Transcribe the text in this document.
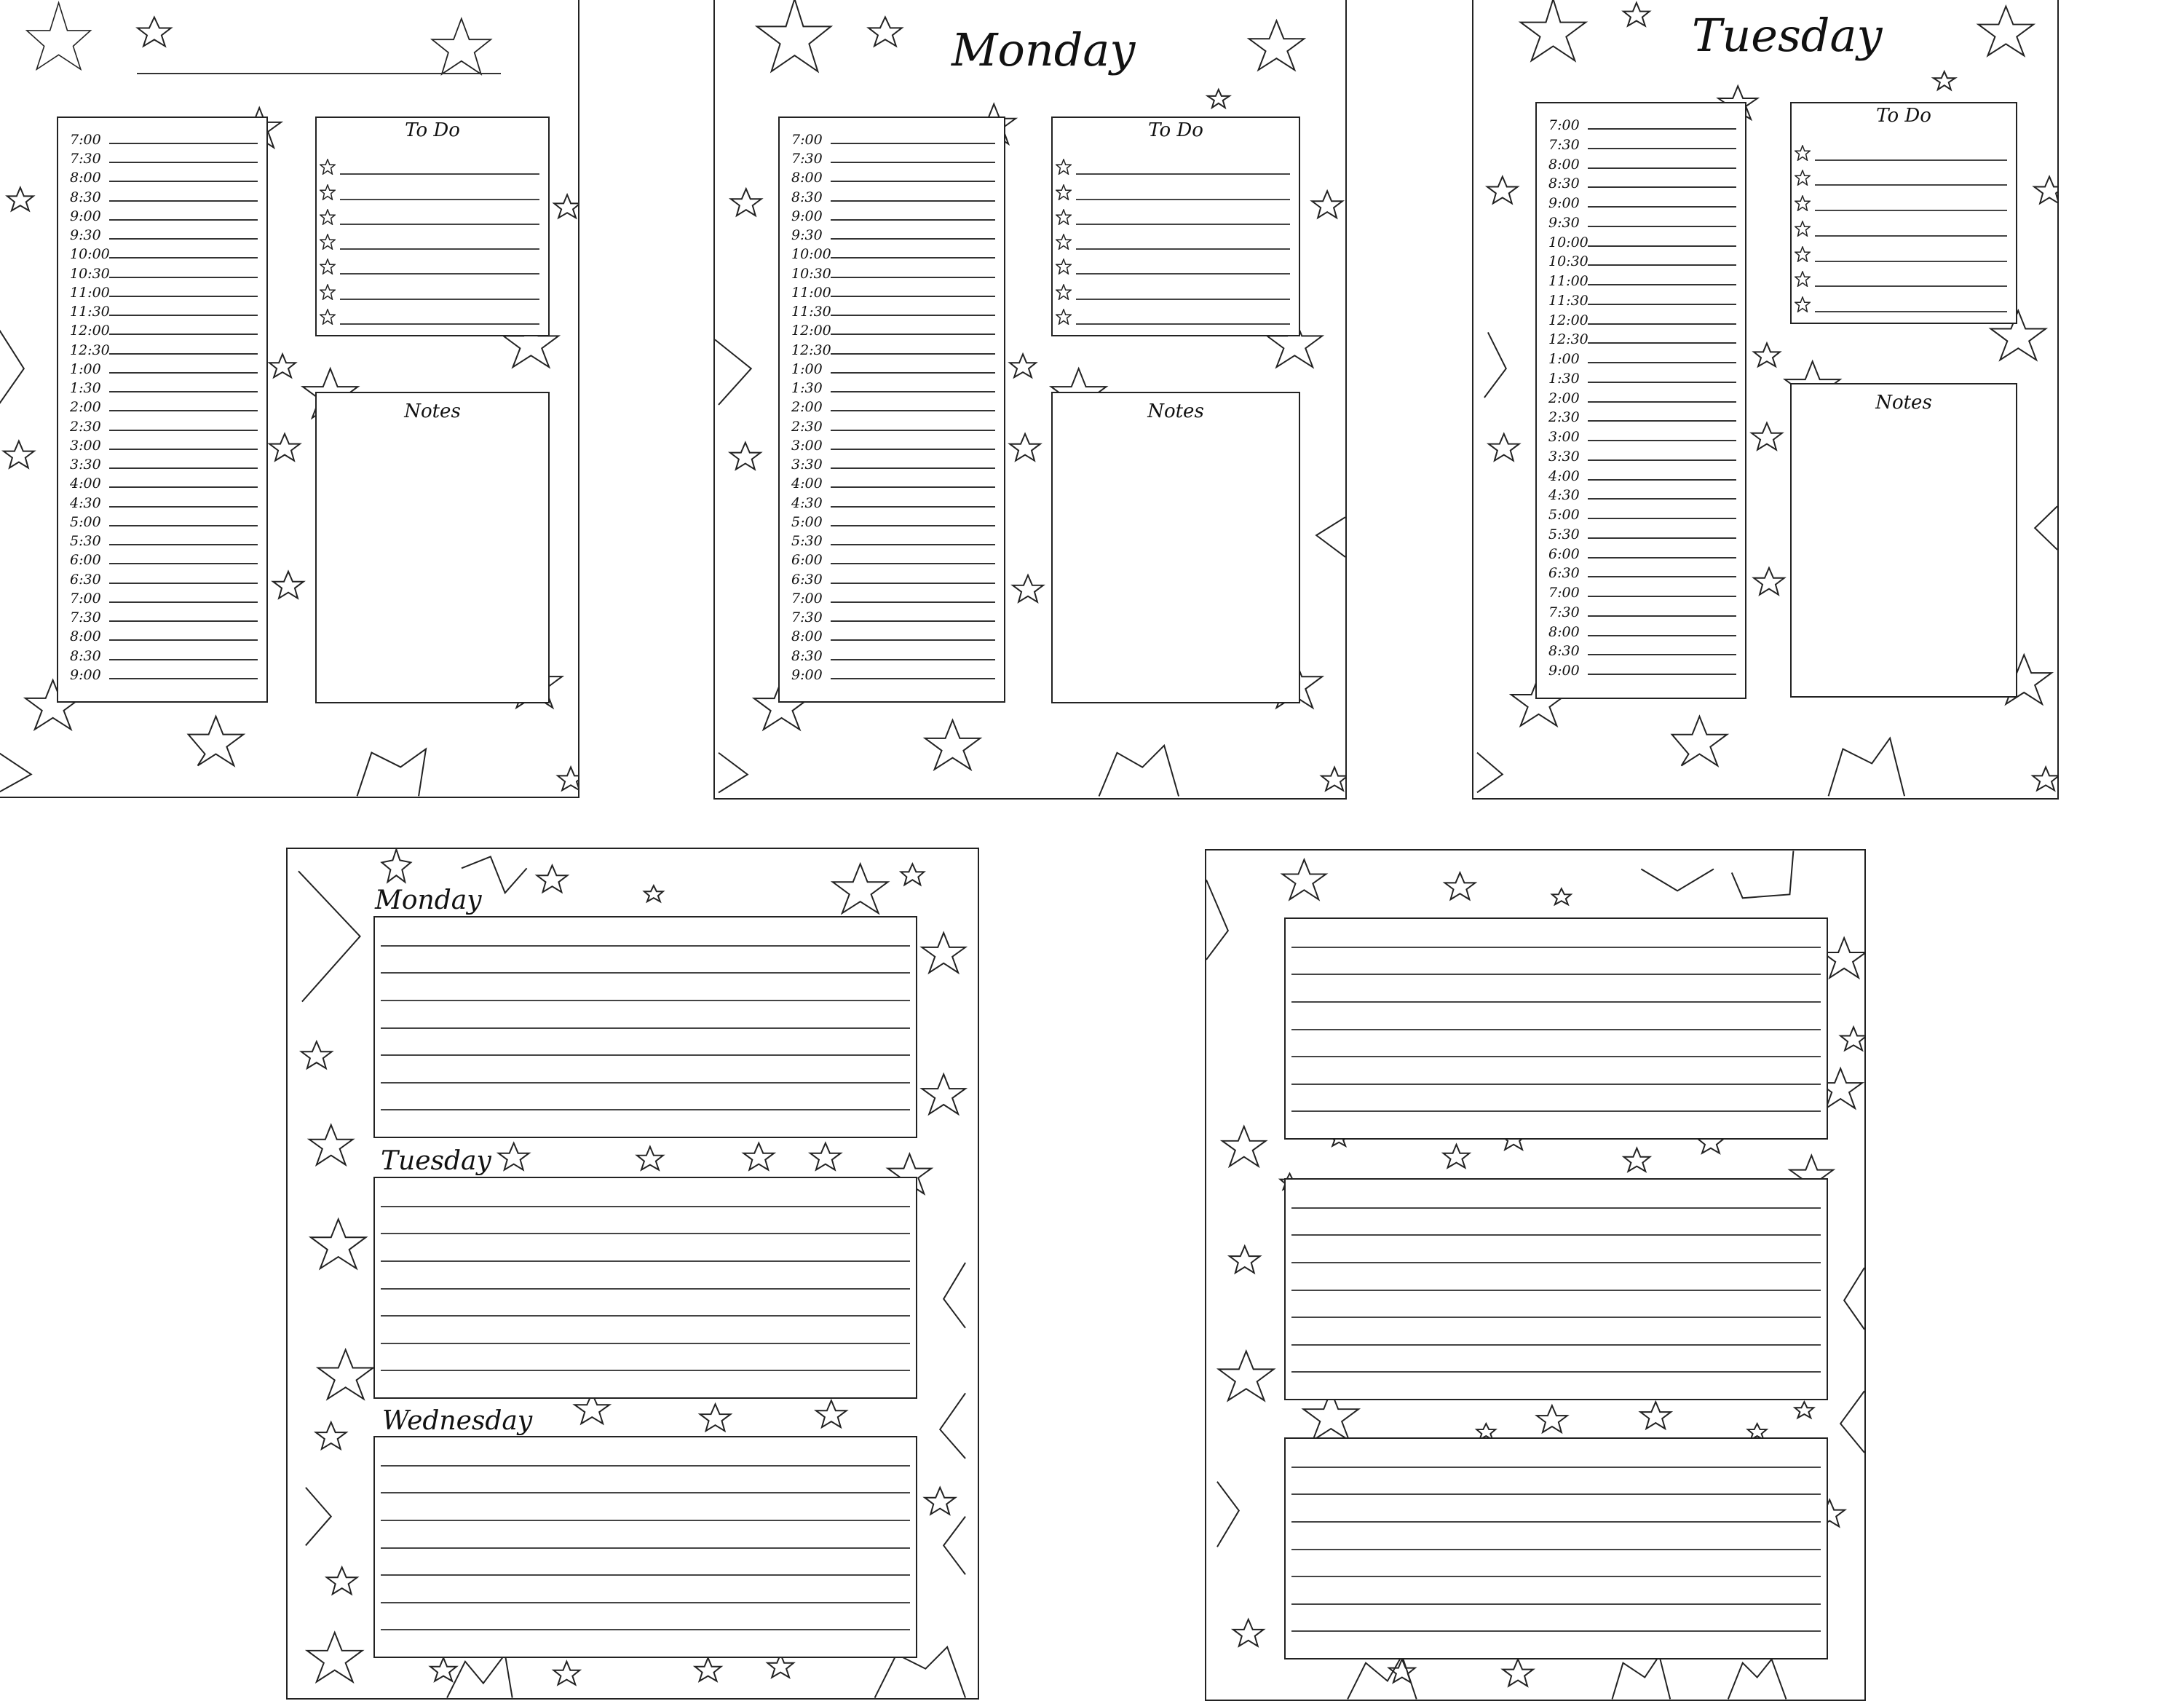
7:00
7:30
8:00
8:30
9:00
9:30
10:00
10:30
11:00
11:30
12:00
12:30
1:00
1:30
2:00
2:30
3:00
3:30
4:00
4:30
5:00
5:30
6:00
6:30
7:00
7:30
8:00
8:30
9:00
To Do
Notes
Monday
7:00
7:30
8:00
8:30
9:00
9:30
10:00
10:30
11:00
11:30
12:00
12:30
1:00
1:30
2:00
2:30
3:00
3:30
4:00
4:30
5:00
5:30
6:00
6:30
7:00
7:30
8:00
8:30
9:00
To Do
Notes
Tuesday
7:00
7:30
8:00
8:30
9:00
9:30
10:00
10:30
11:00
11:30
12:00
12:30
1:00
1:30
2:00
2:30
3:00
3:30
4:00
4:30
5:00
5:30
6:00
6:30
7:00
7:30
8:00
8:30
9:00
To Do
Notes
Monday
Tuesday
Wednesday
